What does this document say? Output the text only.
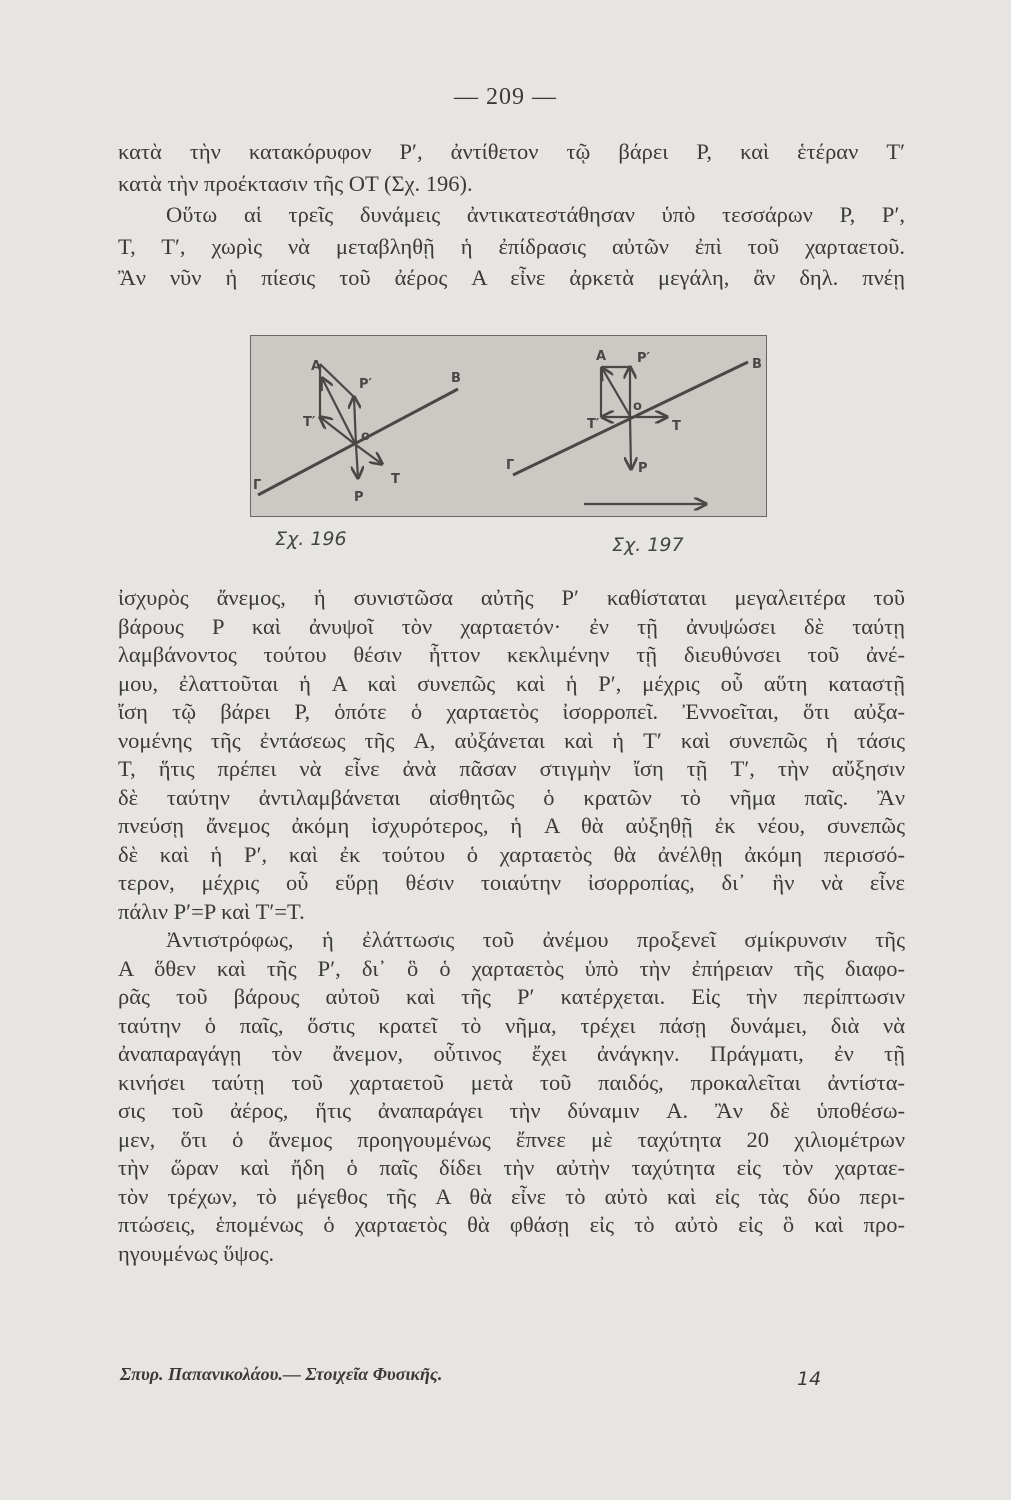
— 209 —
κατὰ τὴν κατακόρυφον P′, ἀντίθετον τῷ βάρει P, καὶ ἑτέραν T′
κατὰ τὴν προέκτασιν τῆς OT (Σχ. 196).
Οὕτω αἱ τρεῖς δυνάμεις ἀντικατεστάθησαν ὑπὸ τεσσάρων P, P′,
T, T′, χωρὶς νὰ μεταβληθῇ ἡ ἐπίδρασις αὐτῶν ἐπὶ τοῦ χαρταετοῦ.
Ἂν νῦν ἡ πίεσις τοῦ ἀέρος A εἶνε ἀρκετὰ μεγάλη, ἂν δηλ. πνέῃ
A
P′
T′
o
T
P
Γ
B
A P′
T′
o
T
P
Γ
B
Σχ. 196	Σχ. 197
ἰσχυρὸς ἄνεμος, ἡ συνιστῶσα αὐτῆς P′ καθίσταται μεγαλειτέρα τοῦ
βάρους P καὶ ἀνυψοῖ τὸν χαρταετόν· ἐν τῇ ἀνυψώσει δὲ ταύτῃ
λαμβάνοντος τούτου θέσιν ἧττον κεκλιμένην τῇ διευθύνσει τοῦ ἀνέ-
μου, ἐλαττοῦται ἡ A καὶ συνεπῶς καὶ ἡ P′, μέχρις οὗ αὕτη καταστῇ
ἴση τῷ βάρει P, ὁπότε ὁ χαρταετὸς ἰσορροπεῖ. Ἐννοεῖται, ὅτι αὐξα-
νομένης τῆς ἐντάσεως τῆς A, αὐξάνεται καὶ ἡ T′ καὶ συνεπῶς ἡ τάσις
T, ἥτις πρέπει νὰ εἶνε ἀνὰ πᾶσαν στιγμὴν ἴση τῇ T′, τὴν αὔξησιν
δὲ ταύτην ἀντιλαμβάνεται αἰσθητῶς ὁ κρατῶν τὸ νῆμα παῖς. Ἂν
πνεύσῃ ἄνεμος ἀκόμη ἰσχυρότερος, ἡ A θὰ αὐξηθῇ ἐκ νέου, συνεπῶς
δὲ καὶ ἡ P′, καὶ ἐκ τούτου ὁ χαρταετὸς θὰ ἀνέλθῃ ἀκόμη περισσό-
τερον, μέχρις οὗ εὕρῃ θέσιν τοιαύτην ἰσορροπίας, δι᾽ ἣν νὰ εἶνε
πάλιν P′=P καὶ T′=T.
Ἀντιστρόφως, ἡ ἐλάττωσις τοῦ ἀνέμου προξενεῖ σμίκρυνσιν τῆς
A ὅθεν καὶ τῆς P′, δι᾽ ὃ ὁ χαρταετὸς ὑπὸ τὴν ἐπήρειαν τῆς διαφο-
ρᾶς τοῦ βάρους αὐτοῦ καὶ τῆς P′ κατέρχεται. Εἰς τὴν περίπτωσιν
ταύτην ὁ παῖς, ὅστις κρατεῖ τὸ νῆμα, τρέχει πάσῃ δυνάμει, διὰ νὰ
ἀναπαραγάγῃ τὸν ἄνεμον, οὗτινος ἔχει ἀνάγκην. Πράγματι, ἐν τῇ
κινήσει ταύτῃ τοῦ χαρταετοῦ μετὰ τοῦ παιδός, προκαλεῖται ἀντίστα-
σις τοῦ ἀέρος, ἥτις ἀναπαράγει τὴν δύναμιν A. Ἂν δὲ ὑποθέσω-
μεν, ὅτι ὁ ἄνεμος προηγουμένως ἔπνεε μὲ ταχύτητα 20 χιλιομέτρων
τὴν ὥραν καὶ ἤδη ὁ παῖς δίδει τὴν αὐτὴν ταχύτητα εἰς τὸν χαρταε-
τὸν τρέχων, τὸ μέγεθος τῆς A θὰ εἶνε τὸ αὐτὸ καὶ εἰς τὰς δύο περι-
πτώσεις, ἑπομένως ὁ χαρταετὸς θὰ φθάσῃ εἰς τὸ αὐτὸ εἰς ὃ καὶ προ-
ηγουμένως ὕψος.
Σπυρ. Παπανικολάου.— Στοιχεῖα Φυσικῆς.	14
